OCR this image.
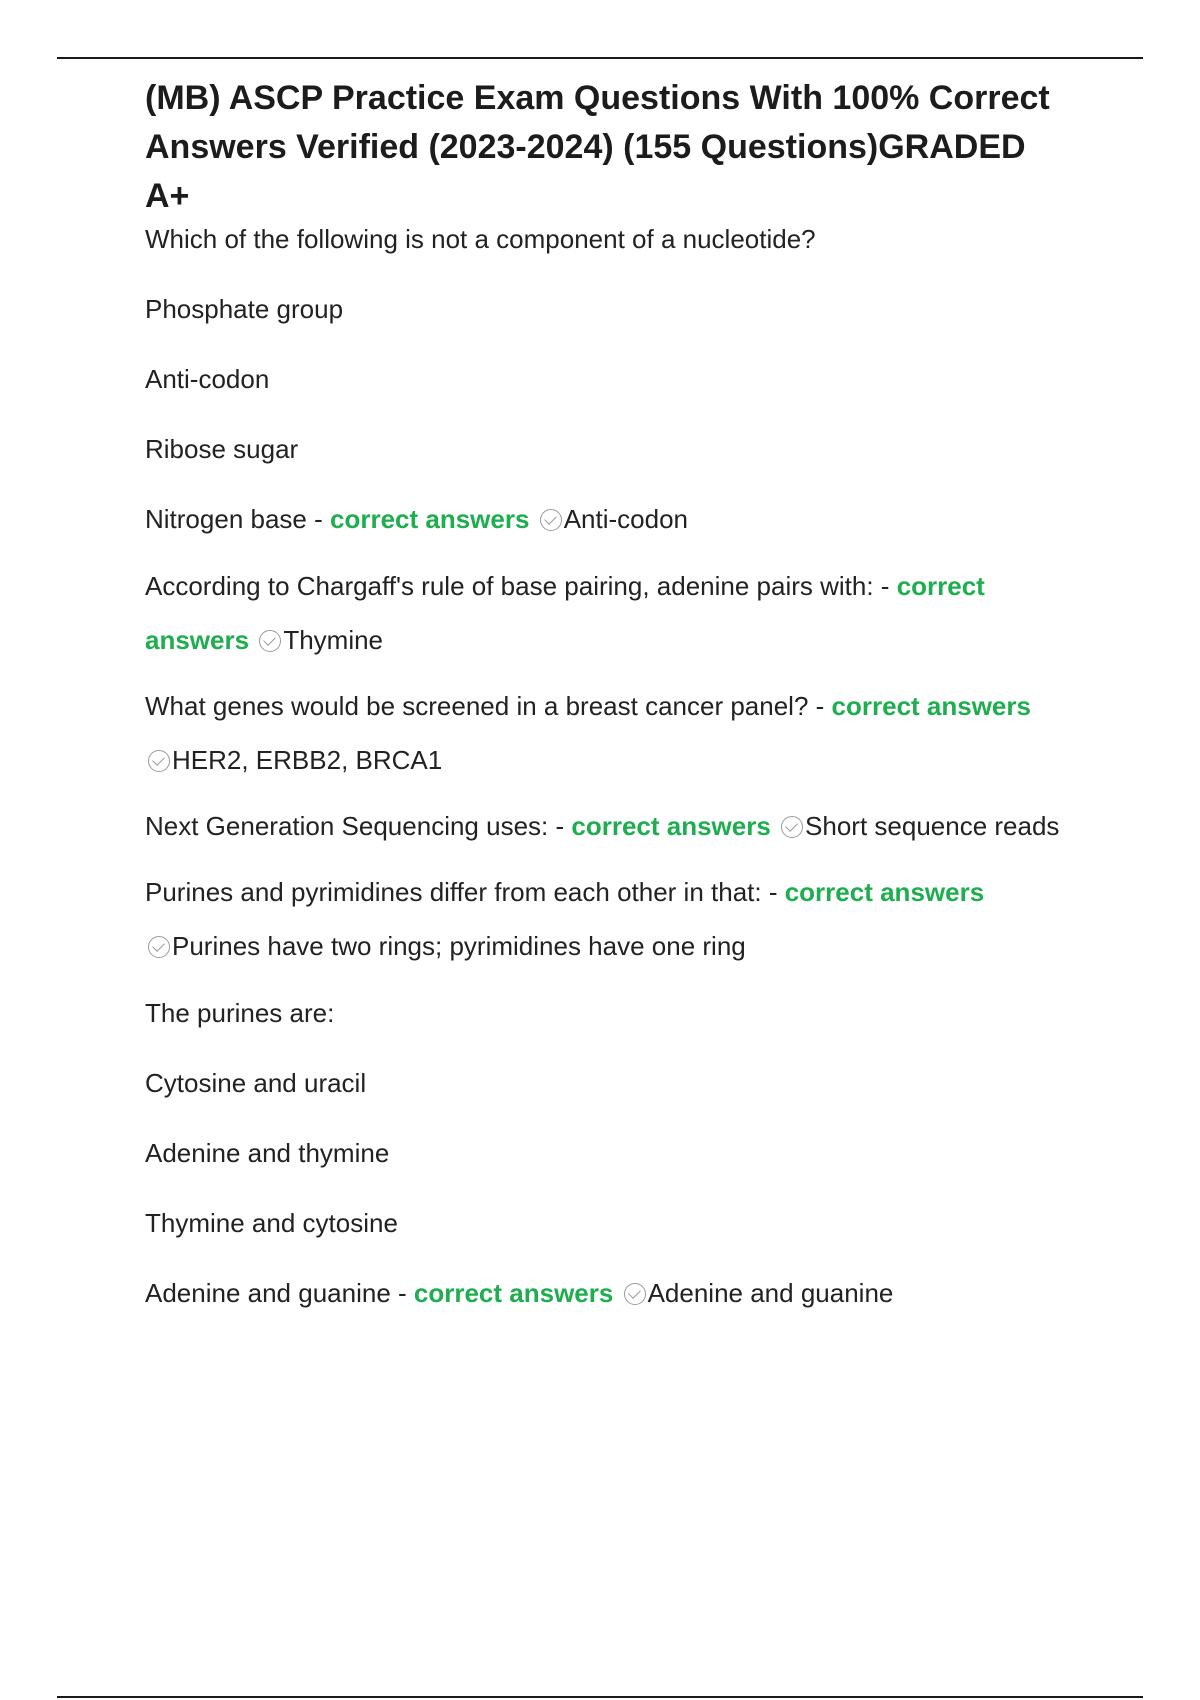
(MB) ASCP Practice Exam Questions With 100% Correct
Answers Verified (2023-2024) (155 Questions)GRADED
A+

Which of the following is not a component of a nucleotide?

Phosphate group

Anti-codon

Ribose sugar

Nitrogen base - correct answers Anti-codon

According to Chargaff's rule of base pairing, adenine pairs with: - correct
answers Thymine
What genes would be screened in a breast cancer panel? - correct answers
HER2, ERBB2, BRCA1
Next Generation Sequencing uses: - correct answers Short sequence reads
Purines and pyrimidines differ from each other in that: - correct answers
Purines have two rings; pyrimidines have one ring

The purines are:

Cytosine and uracil

Adenine and thymine

Thymine and cytosine

Adenine and guanine - correct answers Adenine and guanine
